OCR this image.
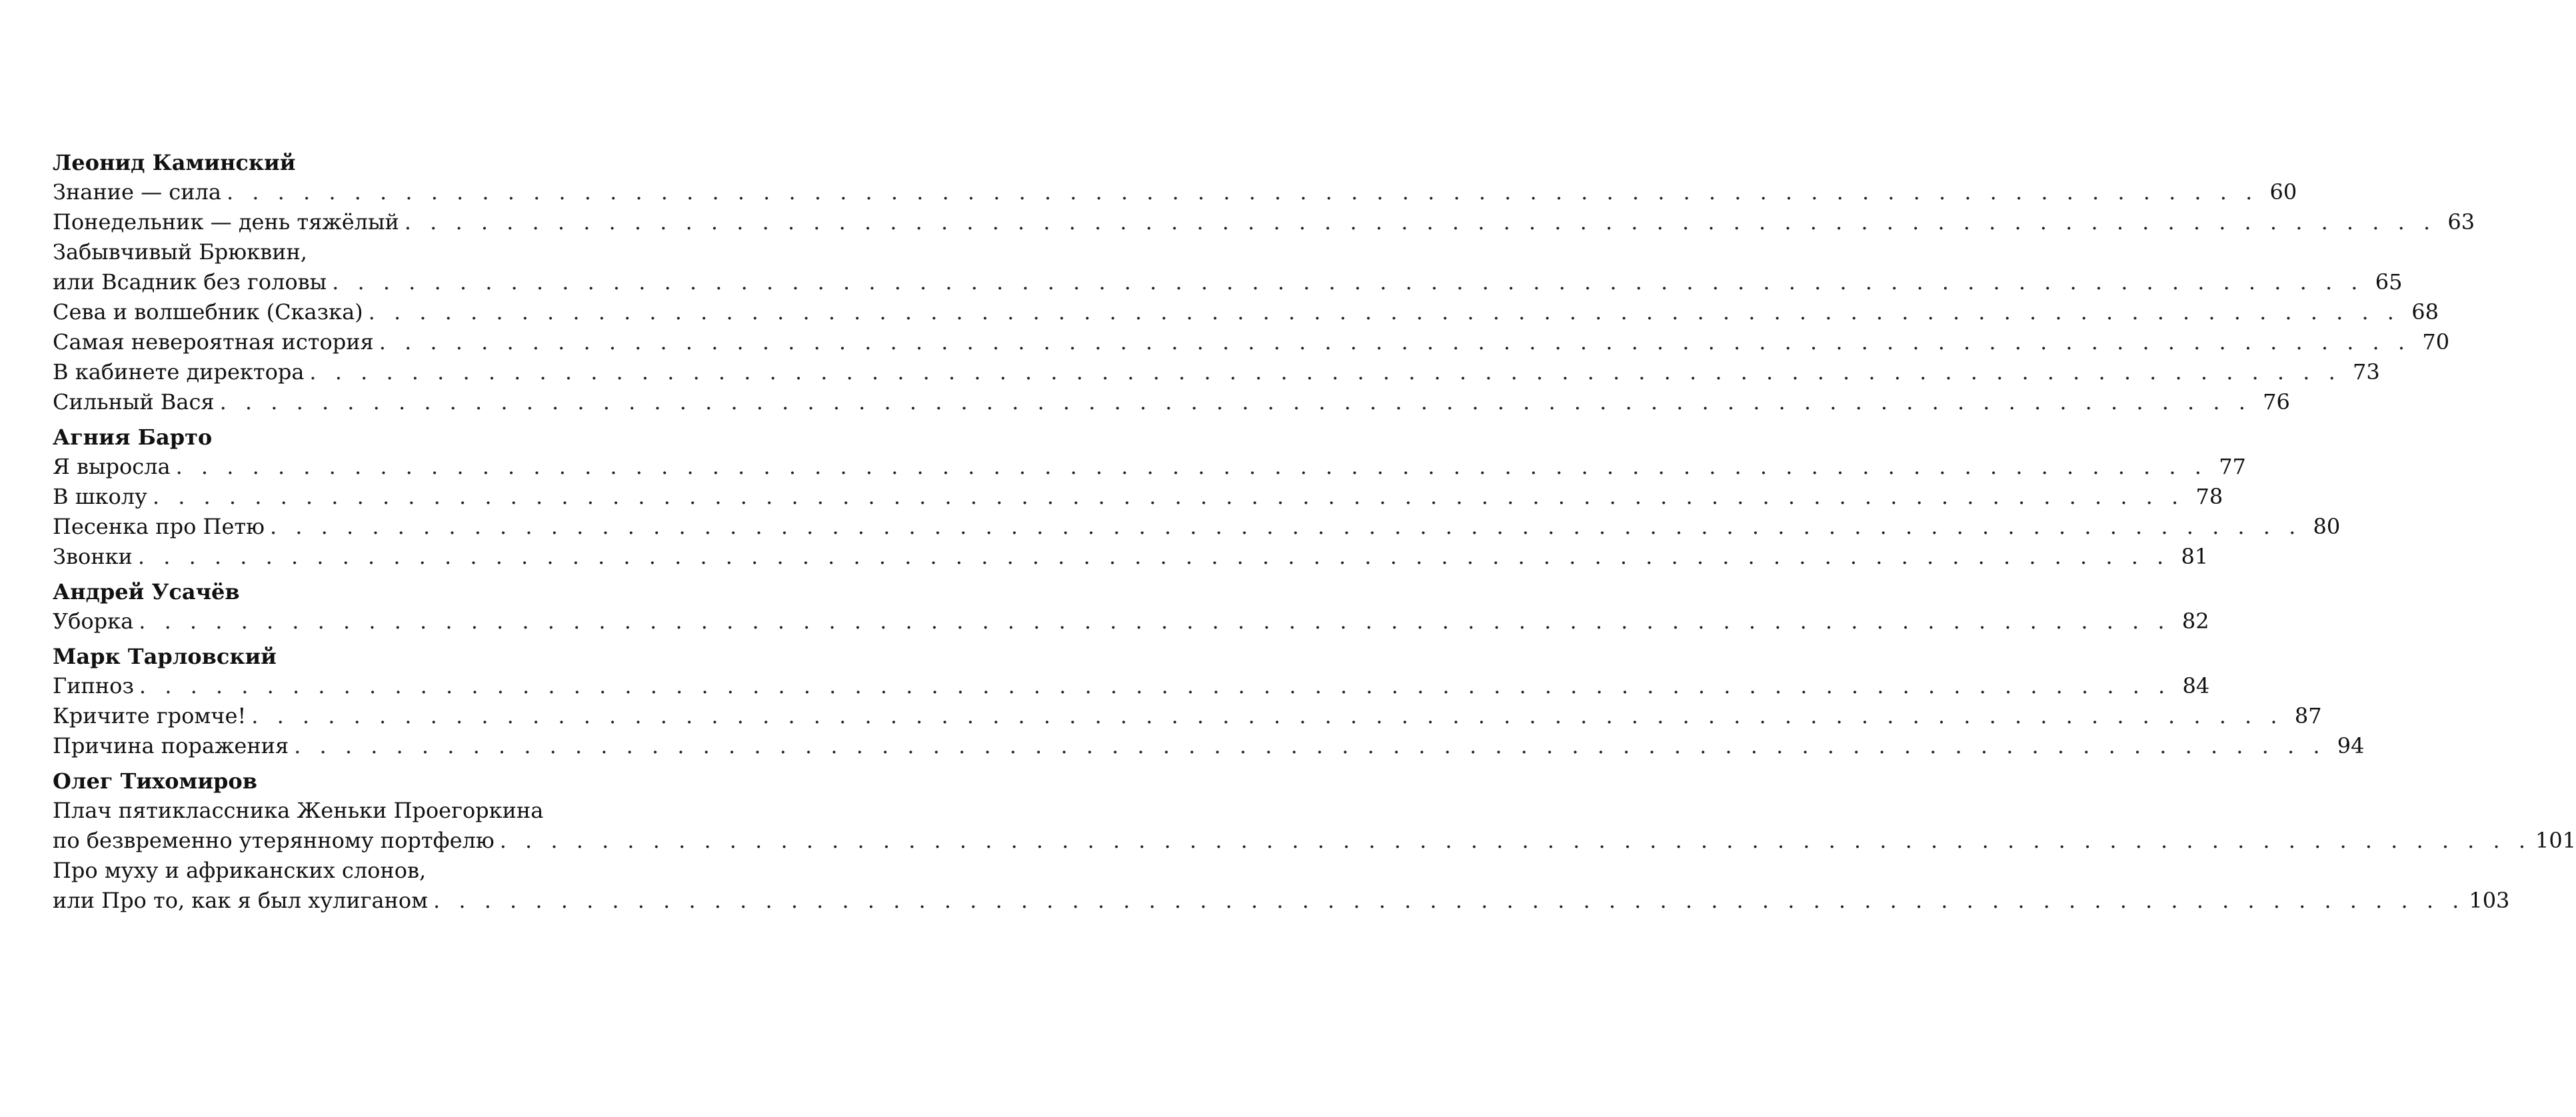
Леонид Каминский
Знание — сила . . . . . . . . . . . . . . . . . . . . . . . . . . . . . . . . . . . . . . . . . . . . . . . . . . . . . . . . . . . . . . . . . . . . . . . . . . . . . . . . 60
Понедельник — день тяжёлый . . . . . . . . . . . . . . . . . . . . . . . . . . . . . . . . . . . . . . . . . . . . . . . . . . . . . . . . . . . . . . . . . . . . . . . . . . . . . . . . 63
Забывчивый Брюквин,
или Всадник без головы . . . . . . . . . . . . . . . . . . . . . . . . . . . . . . . . . . . . . . . . . . . . . . . . . . . . . . . . . . . . . . . . . . . . . . . . . . . . . . . . 65
Сева и волшебник (Сказка) . . . . . . . . . . . . . . . . . . . . . . . . . . . . . . . . . . . . . . . . . . . . . . . . . . . . . . . . . . . . . . . . . . . . . . . . . . . . . . . . 68
Самая невероятная история . . . . . . . . . . . . . . . . . . . . . . . . . . . . . . . . . . . . . . . . . . . . . . . . . . . . . . . . . . . . . . . . . . . . . . . . . . . . . . . . 70
В кабинете директора . . . . . . . . . . . . . . . . . . . . . . . . . . . . . . . . . . . . . . . . . . . . . . . . . . . . . . . . . . . . . . . . . . . . . . . . . . . . . . . . 73
Сильный Вася . . . . . . . . . . . . . . . . . . . . . . . . . . . . . . . . . . . . . . . . . . . . . . . . . . . . . . . . . . . . . . . . . . . . . . . . . . . . . . . . 76
Агния Барто
Я выросла . . . . . . . . . . . . . . . . . . . . . . . . . . . . . . . . . . . . . . . . . . . . . . . . . . . . . . . . . . . . . . . . . . . . . . . . . . . . . . . . 77
В школу . . . . . . . . . . . . . . . . . . . . . . . . . . . . . . . . . . . . . . . . . . . . . . . . . . . . . . . . . . . . . . . . . . . . . . . . . . . . . . . . 78
Песенка про Петю . . . . . . . . . . . . . . . . . . . . . . . . . . . . . . . . . . . . . . . . . . . . . . . . . . . . . . . . . . . . . . . . . . . . . . . . . . . . . . . . 80
Звонки . . . . . . . . . . . . . . . . . . . . . . . . . . . . . . . . . . . . . . . . . . . . . . . . . . . . . . . . . . . . . . . . . . . . . . . . . . . . . . . . 81
Андрей Усачёв
Уборка . . . . . . . . . . . . . . . . . . . . . . . . . . . . . . . . . . . . . . . . . . . . . . . . . . . . . . . . . . . . . . . . . . . . . . . . . . . . . . . . 82
Марк Тарловский
Гипноз . . . . . . . . . . . . . . . . . . . . . . . . . . . . . . . . . . . . . . . . . . . . . . . . . . . . . . . . . . . . . . . . . . . . . . . . . . . . . . . . 84
Кричите громче! . . . . . . . . . . . . . . . . . . . . . . . . . . . . . . . . . . . . . . . . . . . . . . . . . . . . . . . . . . . . . . . . . . . . . . . . . . . . . . . . 87
Причина поражения . . . . . . . . . . . . . . . . . . . . . . . . . . . . . . . . . . . . . . . . . . . . . . . . . . . . . . . . . . . . . . . . . . . . . . . . . . . . . . . . 94
Олег Тихомиров
Плач пятиклассника Женьки Проегоркина
по безвременно утерянному портфелю . . . . . . . . . . . . . . . . . . . . . . . . . . . . . . . . . . . . . . . . . . . . . . . . . . . . . . . . . . . . . . . . . . . . . . . . . . . . . . . . 101
Про муху и африканских слонов,
или Про то, как я был хулиганом . . . . . . . . . . . . . . . . . . . . . . . . . . . . . . . . . . . . . . . . . . . . . . . . . . . . . . . . . . . . . . . . . . . . . . . . . . . . . . . . 103
